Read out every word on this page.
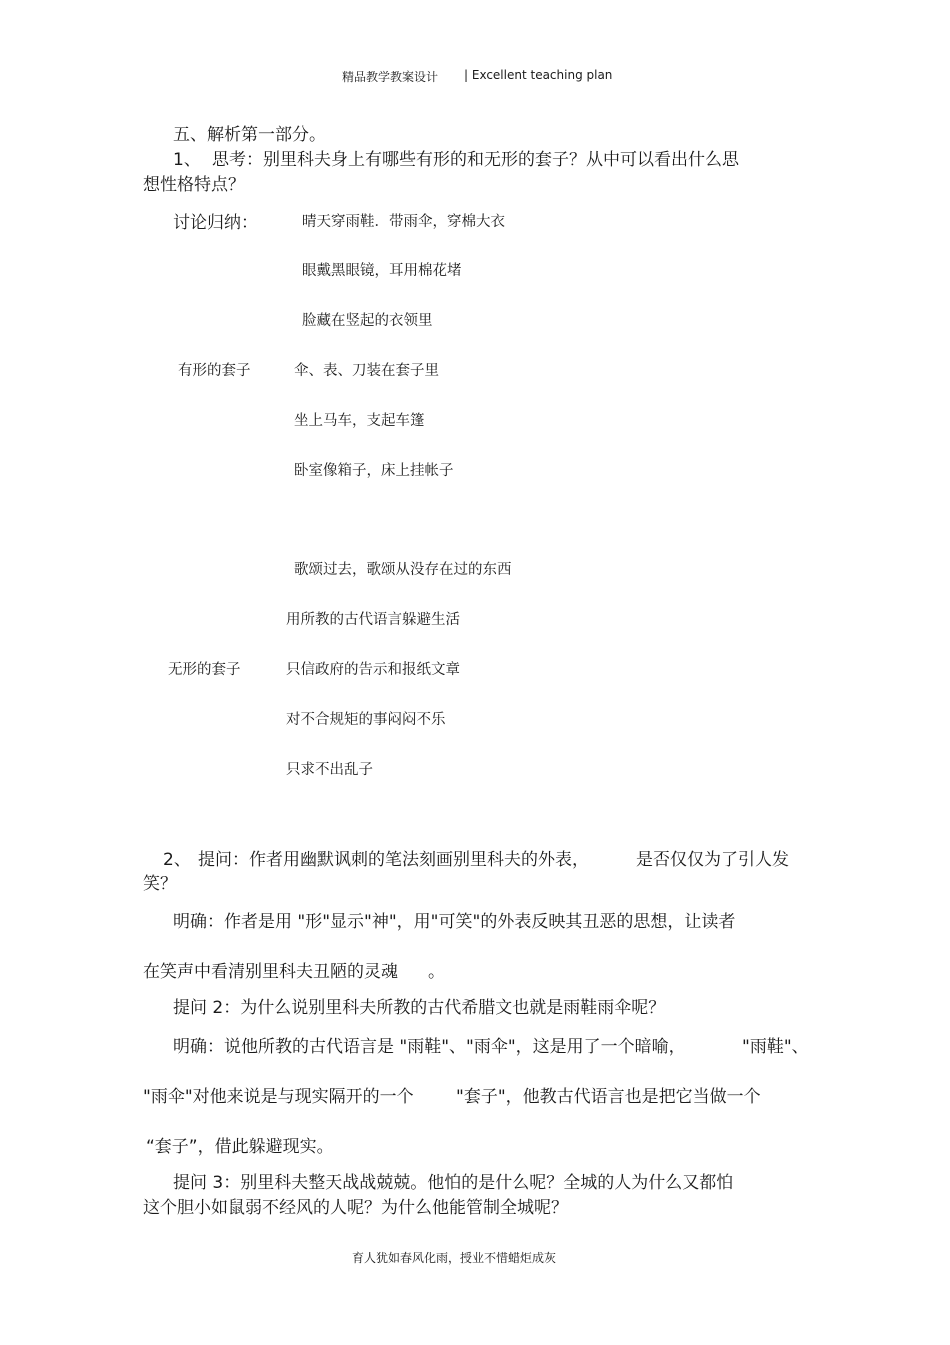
精品教学教案设计 | Excellent teaching plan
五、解析第一部分。
1、 思考：别里科夫身上有哪些有形的和无形的套子？从中可以看出什么思
想性格特点？
讨论归纳：	晴天穿雨鞋．带雨伞，穿棉大衣
眼戴黑眼镜，耳用棉花堵
脸藏在竖起的衣领里
有形的套子	伞、表、刀装在套子里
坐上马车，支起车篷
卧室像箱子，床上挂帐子
歌颂过去，歌颂从没存在过的东西
用所教的古代语言躲避生活
无形的套子	只信政府的告示和报纸文章
对不合规矩的事闷闷不乐
只求不出乱子
2、 提问：作者用幽默讽刺的笔法刻画别里科夫的外表，	是否仅仅为了引人发
笑？
明确：作者是用 "形"显示"神"，用"可笑"的外表反映其丑恶的思想，让读者
在笑声中看清别里科夫丑陋的灵魂 。
提问 2：为什么说别里科夫所教的古代希腊文也就是雨鞋雨伞呢？
明确：说他所教的古代语言是 "雨鞋"、"雨伞"，这是用了一个暗喻，	"雨鞋"、
"雨伞"对他来说是与现实隔开的一个 "套子"，他教古代语言也是把它当做一个
“套子”，借此躲避现实。
提问 3：别里科夫整天战战兢兢。他怕的是什么呢？全城的人为什么又都怕
这个胆小如鼠弱不经风的人呢？为什么他能管制全城呢？
育人犹如春风化雨，授业不惜蜡炬成灰
